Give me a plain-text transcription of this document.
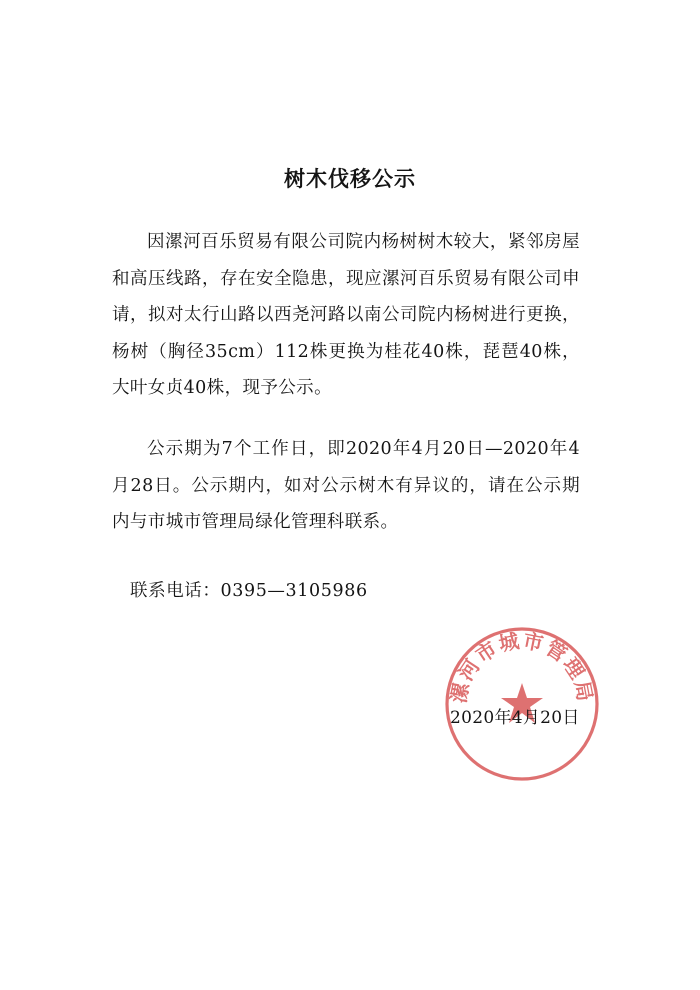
树木伐移公示

因漯河百乐贸易有限公司院内杨树树木较大，紧邻房屋和高压线路，存在安全隐患，现应漯河百乐贸易有限公司申请，拟对太行山路以西尧河路以南公司院内杨树进行更换，杨树（胸径35cm）112株更换为桂花40株，琵琶40株，大叶女贞40株，现予公示。

公示期为7个工作日，即2020年4月20日—2020年4月28日。公示期内，如对公示树木有异议的，请在公示期内与市城市管理局绿化管理科联系。

联系电话：0395—3105986
漯河市城市管理局
2020年4月20日
